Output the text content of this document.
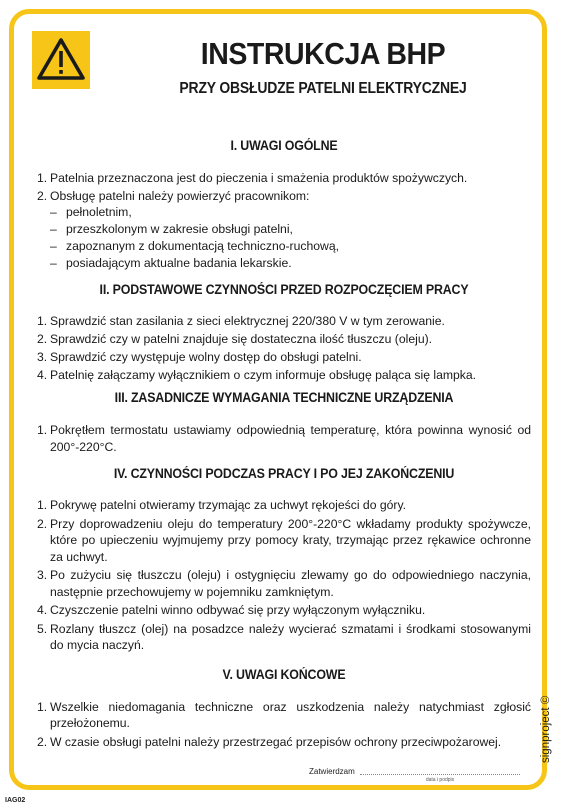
INSTRUKCJA BHP
PRZY OBSŁUDZE PATELNI ELEKTRYCZNEJ
I. UWAGI OGÓLNE
1. Patelnia przeznaczona jest do pieczenia i smażenia produktów spożywczych.
2. Obsługę patelni należy powierzyć pracownikom:
– pełnoletnim,
– przeszkolonym w zakresie obsługi patelni,
– zapoznanym z dokumentacją techniczno-ruchową,
– posiadającym aktualne badania lekarskie.
II. PODSTAWOWE CZYNNOŚCI PRZED ROZPOCZĘCIEM PRACY
1. Sprawdzić stan zasilania z sieci elektrycznej 220/380 V w tym zerowanie.
2. Sprawdzić czy w patelni znajduje się dostateczna ilość tłuszczu (oleju).
3. Sprawdzić czy występuje wolny dostęp do obsługi patelni.
4. Patelnię załączamy wyłącznikiem o czym informuje obsługę paląca się lampka.
III. ZASADNICZE WYMAGANIA TECHNICZNE URZĄDZENIA
1. Pokrętłem termostatu ustawiamy odpowiednią temperaturę, która powinna wynosić od 200°-220°C.
IV. CZYNNOŚCI PODCZAS PRACY I PO JEJ ZAKOŃCZENIU
1. Pokrywę patelni otwieramy trzymając za uchwyt rękojeści do góry.
2. Przy doprowadzeniu oleju do temperatury 200°-220°C wkładamy produkty spożywcze, które po upieczeniu wyjmujemy przy pomocy kraty, trzymając przez rękawice ochronne za uchwyt.
3. Po zużyciu się tłuszczu (oleju) i ostygnięciu zlewamy go do odpowiedniego naczynia, następnie przechowujemy w pojemniku zamkniętym.
4. Czyszczenie patelni winno odbywać się przy wyłączonym wyłączniku.
5. Rozlany tłuszcz (olej) na posadzce należy wycierać szmatami i środkami stosowanymi do mycia naczyń.
V. UWAGI KOŃCOWE
1. Wszelkie niedomagania techniczne oraz uszkodzenia należy natychmiast zgłosić przełożonemu.
2. W czasie obsługi patelni należy przestrzegać przepisów ochrony przeciwpożarowej.
Zatwierdzam
data i podpis
IAG02
signproject ©
